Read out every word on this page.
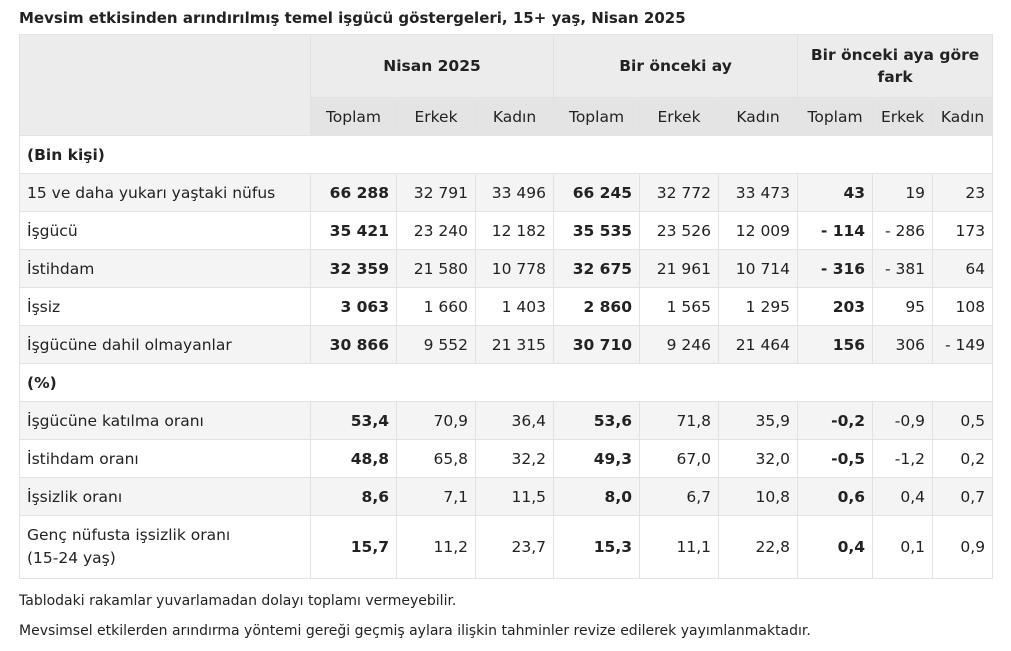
Mevsim etkisinden arındırılmış temel işgücü göstergeleri, 15+ yaş, Nisan 2025
	Nisan 2025			Bir önceki ay			Bir önceki aya göre fark		
	Toplam	Erkek	Kadın	Toplam	Erkek	Kadın	Toplam	Erkek	Kadın
(Bin kişi)									
15 ve daha yukarı yaştaki nüfus	66 288	32 791	33 496	66 245	32 772	33 473	43	19	23
İşgücü	35 421	23 240	12 182	35 535	23 526	12 009	- 114	- 286	173
İstihdam	32 359	21 580	10 778	32 675	21 961	10 714	- 316	- 381	64
İşsiz	3 063	1 660	1 403	2 860	1 565	1 295	203	95	108
İşgücüne dahil olmayanlar	30 866	9 552	21 315	30 710	9 246	21 464	156	306	- 149
(%)									
İşgücüne katılma oranı	53,4	70,9	36,4	53,6	71,8	35,9	-0,2	-0,9	0,5
İstihdam oranı	48,8	65,8	32,2	49,3	67,0	32,0	-0,5	-1,2	0,2
İşsizlik oranı	8,6	7,1	11,5	8,0	6,7	10,8	0,6	0,4	0,7
Genç nüfusta işsizlik oranı
(15-24 yaş)	15,7	11,2	23,7	15,3	11,1	22,8	0,4	0,1	0,9
Tablodaki rakamlar yuvarlamadan dolayı toplamı vermeyebilir.
Mevsimsel etkilerden arındırma yöntemi gereği geçmiş aylara ilişkin tahminler revize edilerek yayımlanmaktadır.
